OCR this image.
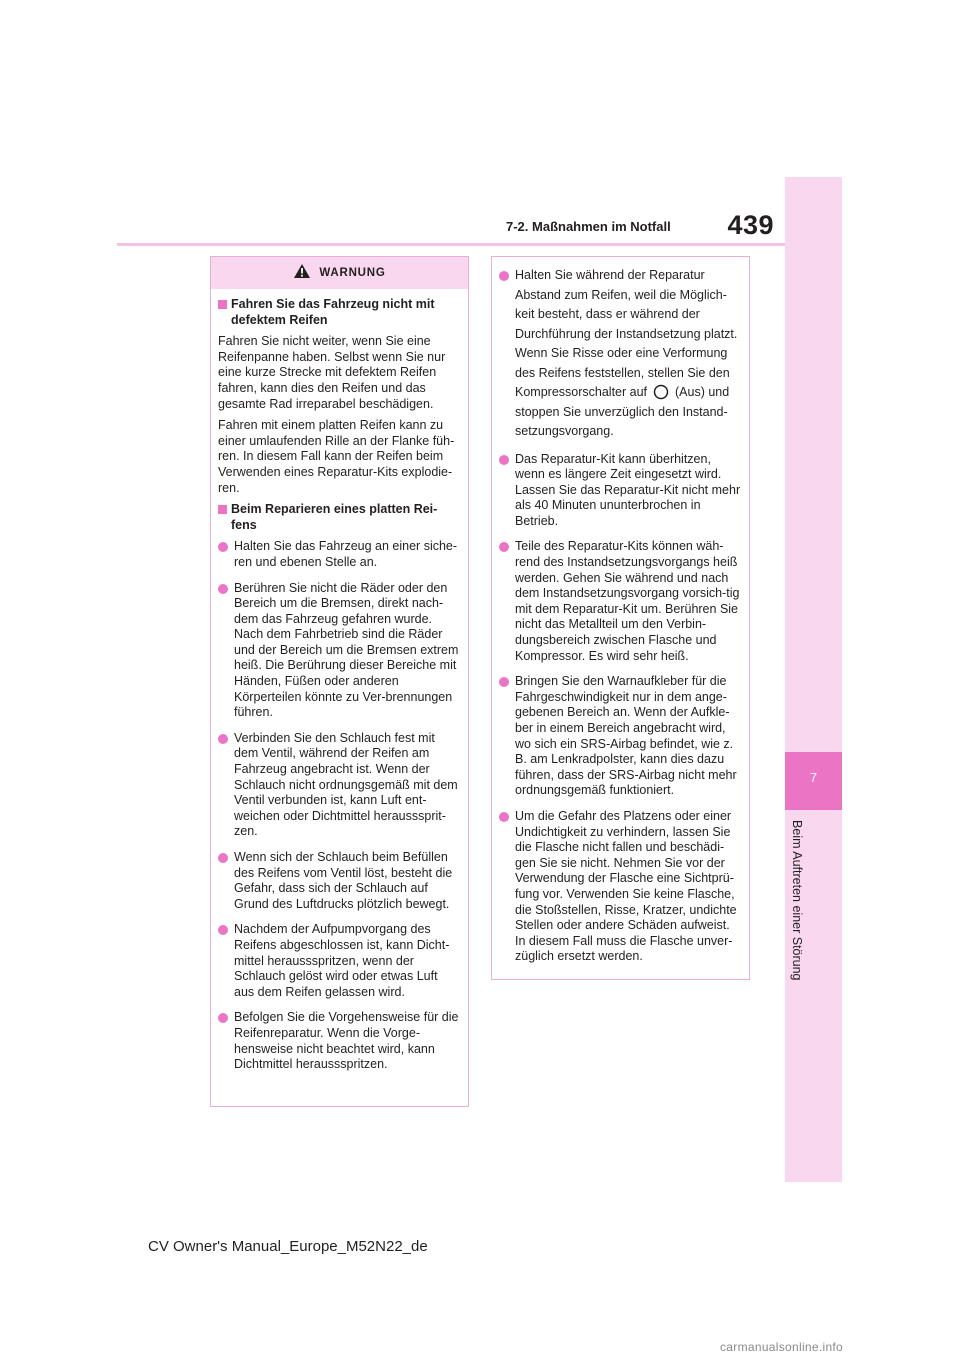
439
7-2. Maßnahmen im Notfall
7
Beim Auftreten einer Störung
WARNUNG
Fahren Sie das Fahrzeug nicht mit defektem Reifen

Fahren Sie nicht weiter, wenn Sie eine Reifenpanne haben. Selbst wenn Sie nur eine kurze Strecke mit defektem Reifen fahren, kann dies den Reifen und das gesamte Rad irreparabel beschädigen.

Fahren mit einem platten Reifen kann zu einer umlaufenden Rille an der Flanke füh-ren. In diesem Fall kann der Reifen beim Verwenden eines Reparatur-Kits explodie-ren.

Beim Reparieren eines platten Rei-fens
Halten Sie das Fahrzeug an einer siche-ren und ebenen Stelle an.
Berühren Sie nicht die Räder oder den Bereich um die Bremsen, direkt nach-dem das Fahrzeug gefahren wurde. Nach dem Fahrbetrieb sind die Räder und der Bereich um die Bremsen extrem heiß. Die Berührung dieser Bereiche mit Händen, Füßen oder anderen Körperteilen könnte zu Ver-brennungen führen.
Verbinden Sie den Schlauch fest mit dem Ventil, während der Reifen am Fahrzeug angebracht ist. Wenn der Schlauch nicht ordnungsgemäß mit dem Ventil verbunden ist, kann Luft ent-weichen oder Dichtmittel herausssprit-zen.
Wenn sich der Schlauch beim Befüllen des Reifens vom Ventil löst, besteht die Gefahr, dass sich der Schlauch auf Grund des Luftdrucks plötzlich bewegt.
Nachdem der Aufpumpvorgang des Reifens abgeschlossen ist, kann Dicht-mittel heraussspritzen, wenn der Schlauch gelöst wird oder etwas Luft aus dem Reifen gelassen wird.
Befolgen Sie die Vorgehensweise für die Reifenreparatur. Wenn die Vorge-hensweise nicht beachtet wird, kann Dichtmittel heraussspritzen.
Halten Sie während der Reparatur Abstand zum Reifen, weil die Möglich-keit besteht, dass er während der Durchführung der Instandsetzung platzt. Wenn Sie Risse oder eine Verformung des Reifens feststellen, stellen Sie den Kompressorschalter auf (Aus) und stoppen Sie unverzüglich den Instand-setzungsvorgang.
Das Reparatur-Kit kann überhitzen, wenn es längere Zeit eingesetzt wird. Lassen Sie das Reparatur-Kit nicht mehr als 40 Minuten ununterbrochen in Betrieb.
Teile des Reparatur-Kits können wäh-rend des Instandsetzungsvorgangs heiß werden. Gehen Sie während und nach dem Instandsetzungsvorgang vorsich-tig mit dem Reparatur-Kit um. Berühren Sie nicht das Metallteil um den Verbin-dungsbereich zwischen Flasche und Kompressor. Es wird sehr heiß.
Bringen Sie den Warnaufkleber für die Fahrgeschwindigkeit nur in dem ange-gebenen Bereich an. Wenn der Aufkle-ber in einem Bereich angebracht wird, wo sich ein SRS-Airbag befindet, wie z. B. am Lenkradpolster, kann dies dazu führen, dass der SRS-Airbag nicht mehr ordnungsgemäß funktioniert.
Um die Gefahr des Platzens oder einer Undichtigkeit zu verhindern, lassen Sie die Flasche nicht fallen und beschädi-gen Sie sie nicht. Nehmen Sie vor der Verwendung der Flasche eine Sichtprü-fung vor. Verwenden Sie keine Flasche, die Stoßstellen, Risse, Kratzer, undichte Stellen oder andere Schäden aufweist. In diesem Fall muss die Flasche unver-züglich ersetzt werden.
CV Owner's Manual_Europe_M52N22_de
carmanualsonline.info
